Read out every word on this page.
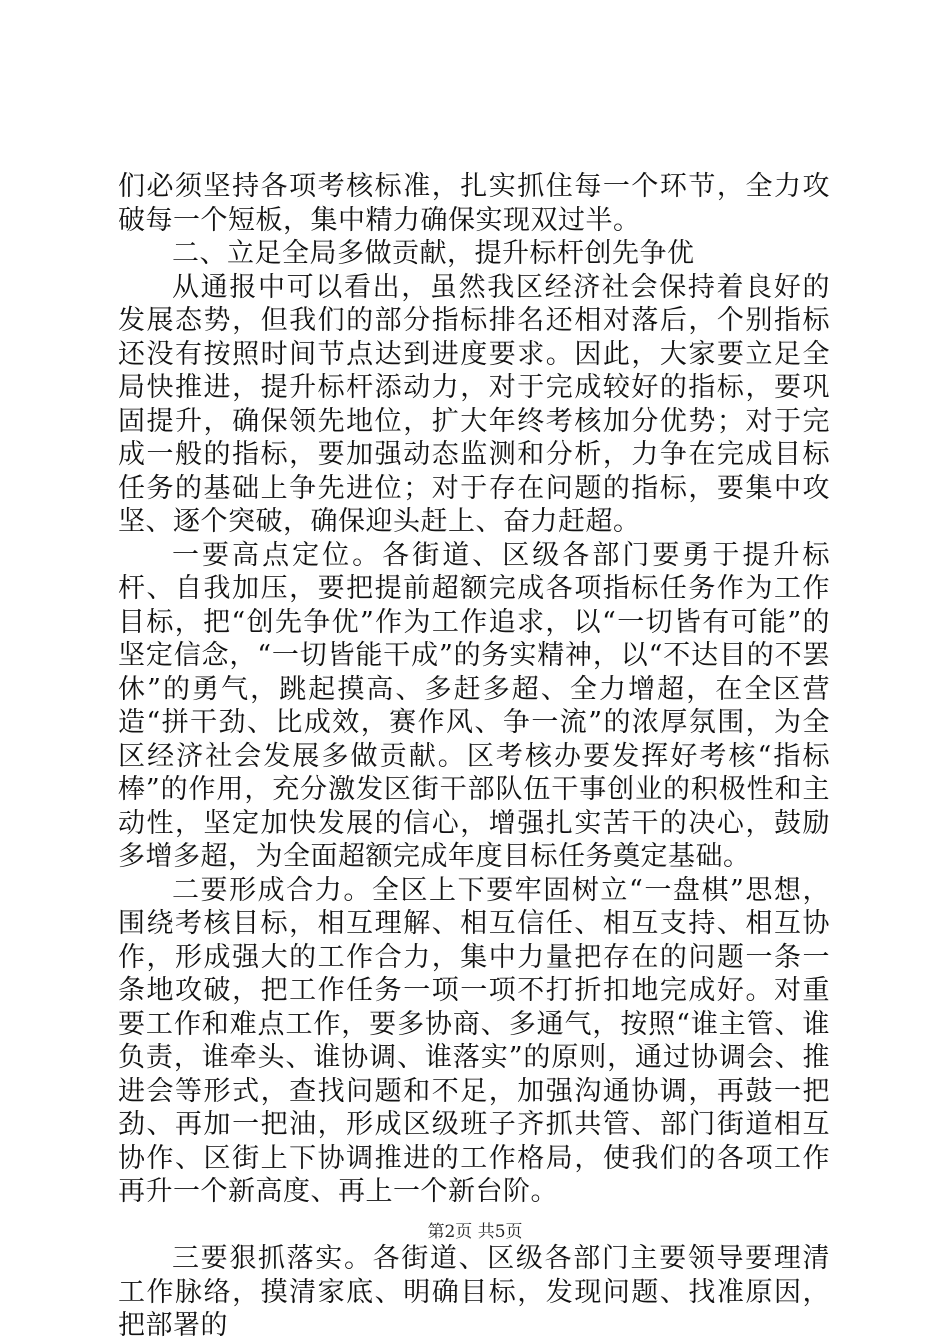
们必须坚持各项考核标准，扎实抓住每一个环节，全力攻破每一个短板，集中精力确保实现双过半。

二、立足全局多做贡献，提升标杆创先争优

从通报中可以看出，虽然我区经济社会保持着良好的发展态势，但我们的部分指标排名还相对落后，个别指标还没有按照时间节点达到进度要求。因此，大家要立足全局快推进，提升标杆添动力，对于完成较好的指标，要巩固提升，确保领先地位，扩大年终考核加分优势；对于完成一般的指标，要加强动态监测和分析，力争在完成目标任务的基础上争先进位；对于存在问题的指标，要集中攻坚、逐个突破，确保迎头赶上、奋力赶超。

一要高点定位。各街道、区级各部门要勇于提升标杆、自我加压，要把提前超额完成各项指标任务作为工作目标，把“创先争优”作为工作追求，以“一切皆有可能”的坚定信念，“一切皆能干成”的务实精神，以“不达目的不罢休”的勇气，跳起摸高、多赶多超、全力增超，在全区营造“拼干劲、比成效，赛作风、争一流”的浓厚氛围，为全区经济社会发展多做贡献。区考核办要发挥好考核“指标棒”的作用，充分激发区街干部队伍干事创业的积极性和主动性，坚定加快发展的信心，增强扎实苦干的决心，鼓励多增多超，为全面超额完成年度目标任务奠定基础。

二要形成合力。全区上下要牢固树立“一盘棋”思想，围绕考核目标，相互理解、相互信任、相互支持、相互协作，形成强大的工作合力，集中力量把存在的问题一条一条地攻破，把工作任务一项一项不打折扣地完成好。对重要工作和难点工作，要多协商、多通气，按照“谁主管、谁负责，谁牵头、谁协调、谁落实”的原则，通过协调会、推进会等形式，查找问题和不足，加强沟通协调，再鼓一把劲、再加一把油，形成区级班子齐抓共管、部门街道相互协作、区街上下协调推进的工作格局，使我们的各项工作再升一个新高度、再上一个新台阶。

三要狠抓落实。各街道、区级各部门主要领导要理清工作脉络，摸清家底、明确目标，发现问题、找准原因，把部署的

第2页 共5页
